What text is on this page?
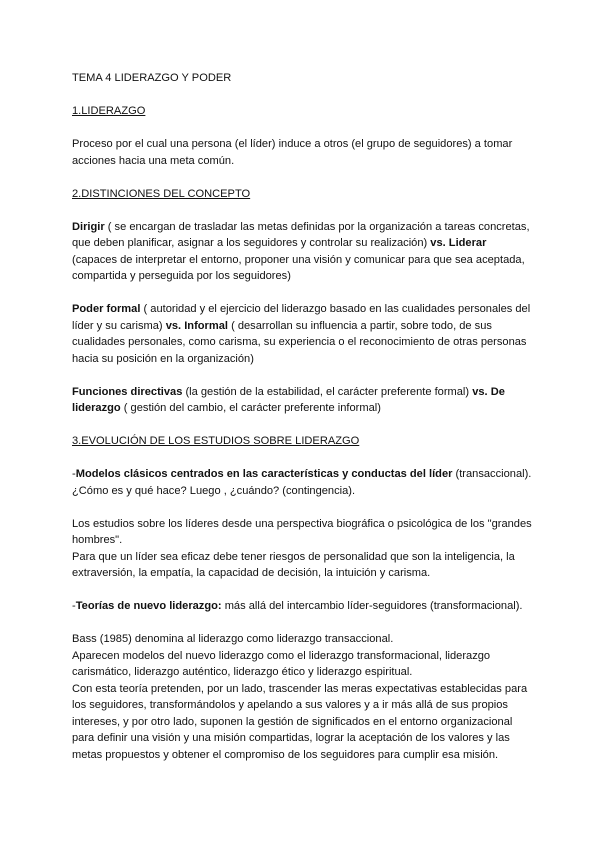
TEMA 4 LIDERAZGO Y PODER

1.LIDERAZGO

Proceso por el cual una persona (el líder) induce a otros (el grupo de seguidores) a tomar acciones hacia una meta común.

2.DISTINCIONES DEL CONCEPTO

Dirigir ( se encargan de trasladar las metas definidas por la organización a tareas concretas, que deben planificar, asignar a los seguidores y controlar su realización) vs. Liderar (capaces de interpretar el entorno, proponer una visión y comunicar para que sea aceptada, compartida y perseguida por los seguidores)

Poder formal ( autoridad y el ejercicio del liderazgo basado en las cualidades personales del líder y su carisma) vs. Informal ( desarrollan su influencia a partir, sobre todo, de sus cualidades personales, como carisma, su experiencia o el reconocimiento de otras personas hacia su posición en la organización)

Funciones directivas (la gestión de la estabilidad, el carácter preferente formal) vs. De liderazgo ( gestión del cambio, el carácter preferente informal)

3.EVOLUCIÓN DE LOS ESTUDIOS SOBRE LIDERAZGO

-Modelos clásicos centrados en las características y conductas del líder (transaccional). ¿Cómo es y qué hace? Luego , ¿cuándo? (contingencia).

Los estudios sobre los líderes desde una perspectiva biográfica o psicológica de los "grandes hombres".

Para que un líder sea eficaz debe tener riesgos de personalidad que son la inteligencia, la extraversión, la empatía, la capacidad de decisión, la intuición y carisma.

-Teorías de nuevo liderazgo: más allá del intercambio líder-seguidores (transformacional).

Bass (1985) denomina al liderazgo como liderazgo transaccional.

Aparecen modelos del nuevo liderazgo como el liderazgo transformacional, liderazgo carismático, liderazgo auténtico, liderazgo ético y liderazgo espiritual.

Con esta teoría pretenden, por un lado, trascender las meras expectativas establecidas para los seguidores, transformándolos y apelando a sus valores y a ir más allá de sus propios intereses, y por otro lado, suponen la gestión de significados en el entorno organizacional para definir una visión y una misión compartidas, lograr la aceptación de los valores y las metas propuestos y obtener el compromiso de los seguidores para cumplir esa misión.
